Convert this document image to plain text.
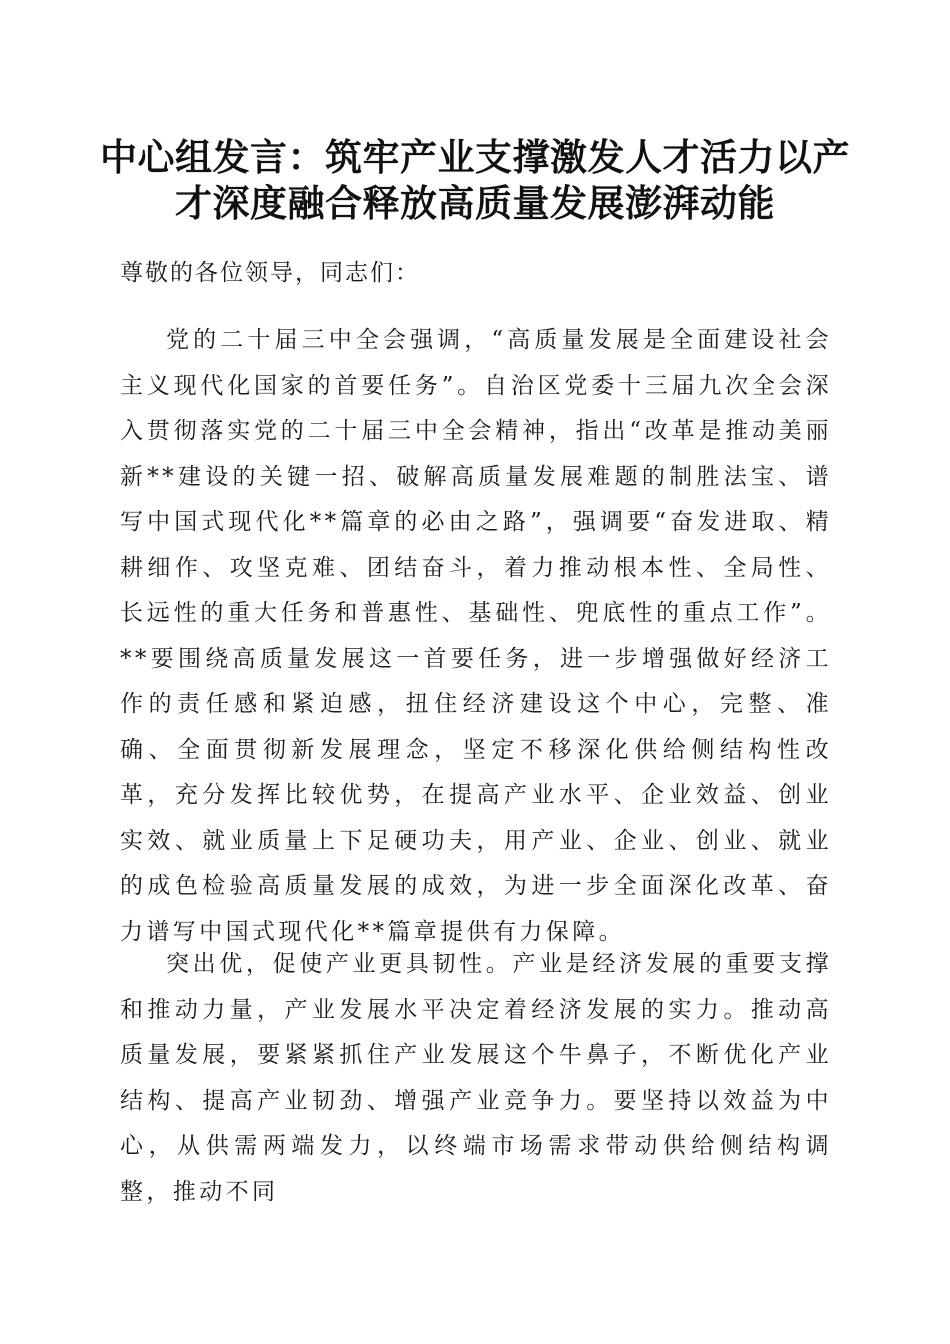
中心组发言：筑牢产业支撑激发人才活力以产
才深度融合释放高质量发展澎湃动能
尊敬的各位领导，同志们：

党的二十届三中全会强调，“高质量发展是全面建设社会主义现代化国家的首要任务”。自治区党委十三届九次全会深入贯彻落实党的二十届三中全会精神，指出“改革是推动美丽新**建设的关键一招、破解高质量发展难题的制胜法宝、谱写中国式现代化**篇章的必由之路”，强调要“奋发进取、精耕细作、攻坚克难、团结奋斗，着力推动根本性、全局性、长远性的重大任务和普惠性、基础性、兜底性的重点工作”。**要围绕高质量发展这一首要任务，进一步增强做好经济工作的责任感和紧迫感，扭住经济建设这个中心，完整、准确、全面贯彻新发展理念，坚定不移深化供给侧结构性改革，充分发挥比较优势，在提高产业水平、企业效益、创业实效、就业质量上下足硬功夫，用产业、企业、创业、就业的成色检验高质量发展的成效，为进一步全面深化改革、奋力谱写中国式现代化**篇章提供有力保障。

突出优，促使产业更具韧性。产业是经济发展的重要支撑和推动力量，产业发展水平决定着经济发展的实力。推动高质量发展，要紧紧抓住产业发展这个牛鼻子，不断优化产业结构、提高产业韧劲、增强产业竞争力。要坚持以效益为中心，从供需两端发力，以终端市场需求带动供给侧结构调整，推动不同
